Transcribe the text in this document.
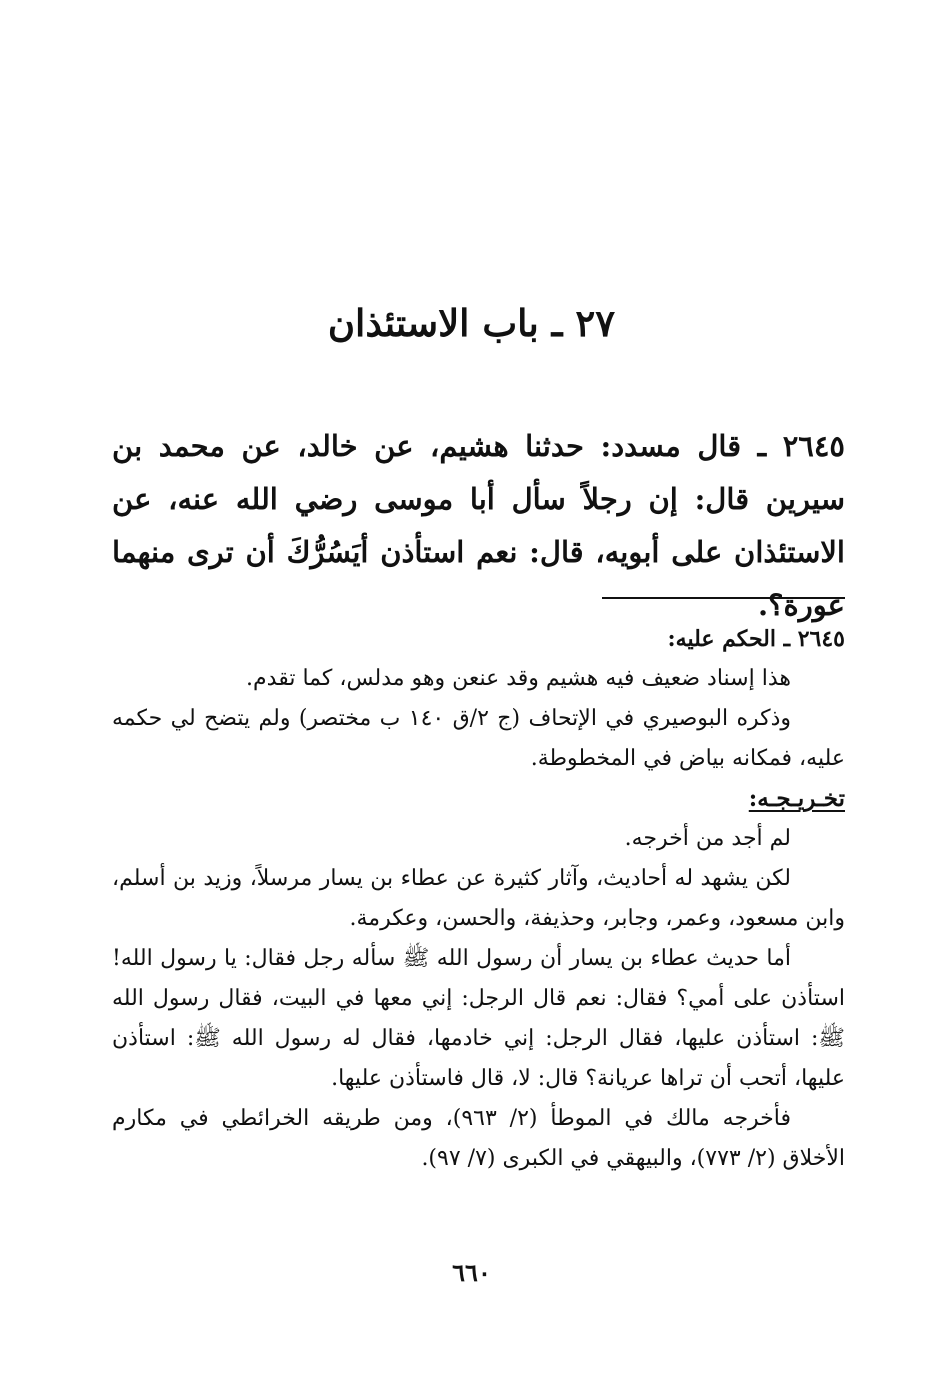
٢٧ ـ باب الاستئذان

٢٦٤٥ ـ قال مسدد: حدثنا هشيم، عن خالد، عن محمد بن سيرين قال: إن رجلاً سأل أبا موسى رضي الله عنه، عن الاستئذان على أبويه، قال: نعم استأذن أيَسُرُّكَ أن ترى منهما عورة؟.

٢٦٤٥ ـ الحكم عليه:

هذا إسناد ضعيف فيه هشيم وقد عنعن وهو مدلس، كما تقدم.

وذكره البوصيري في الإتحاف (ج ٢/ق ١٤٠ ب مختصر) ولم يتضح لي حكمه عليه، فمكانه بياض في المخطوطة.

تخـريـجـه:

لم أجد من أخرجه.

لكن يشهد له أحاديث، وآثار كثيرة عن عطاء بن يسار مرسلاً، وزيد بن أسلم، وابن مسعود، وعمر، وجابر، وحذيفة، والحسن، وعكرمة.

أما حديث عطاء بن يسار أن رسول الله ﷺ سأله رجل فقال: يا رسول الله! استأذن على أمي؟ فقال: نعم قال الرجل: إني معها في البيت، فقال رسول الله ﷺ: استأذن عليها، فقال الرجل: إني خادمها، فقال له رسول الله ﷺ: استأذن عليها، أتحب أن تراها عريانة؟ قال: لا، قال فاستأذن عليها.

فأخرجه مالك في الموطأ (٢/ ٩٦٣)، ومن طريقه الخرائطي في مكارم الأخلاق (٢/ ٧٧٣)، والبيهقي في الكبرى (٧/ ٩٧).

٦٦٠
